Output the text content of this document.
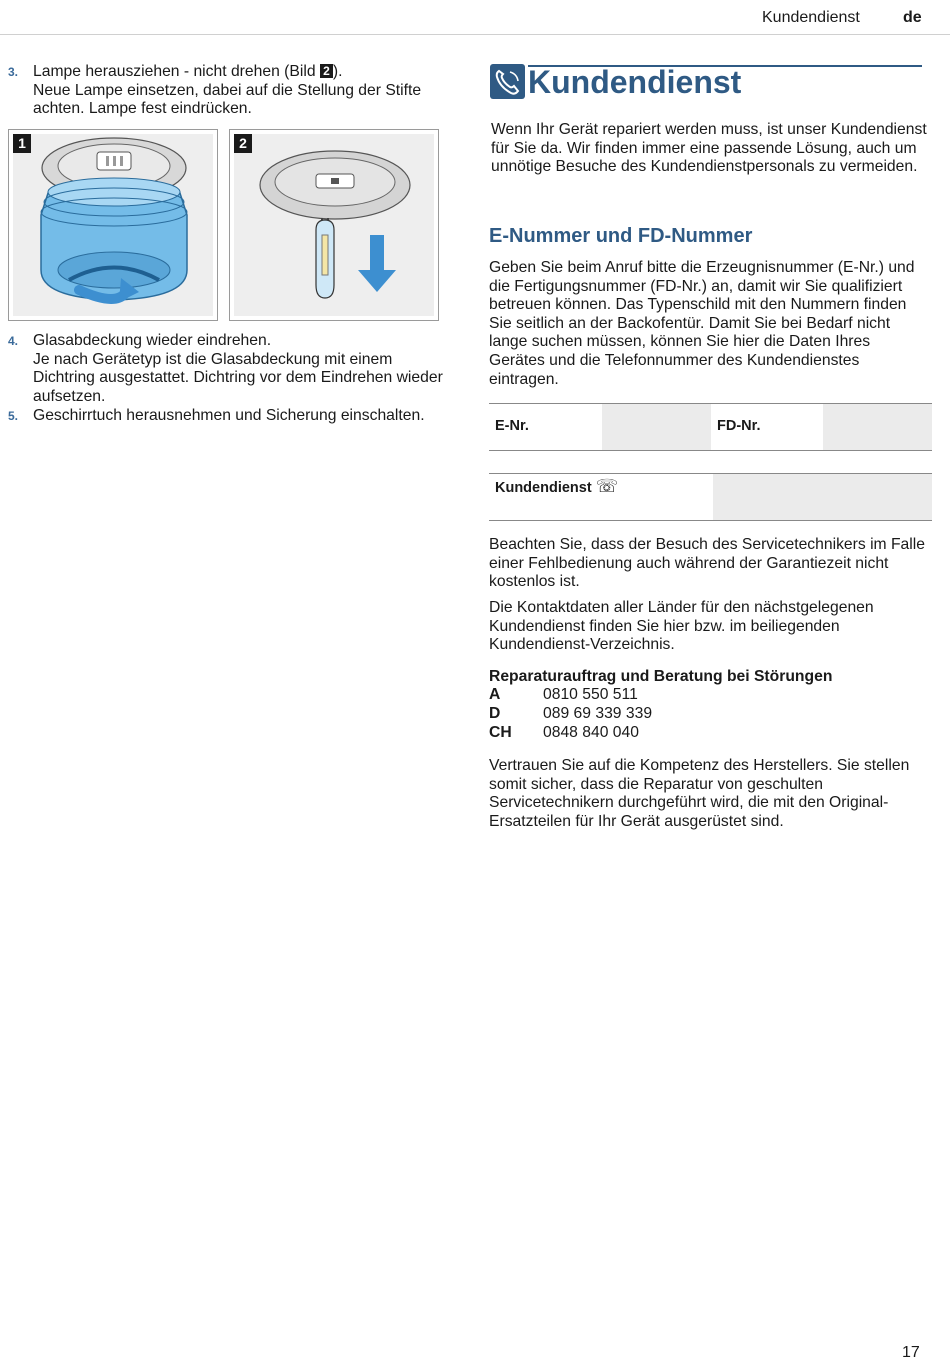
Kundendienst	de
3. Lampe herausziehen - nicht drehen (Bild 2 ).
Neue Lampe einsetzen, dabei auf die Stellung der Stifte achten. Lampe fest eindrücken.
1	2
4. Glasabdeckung wieder eindrehen.
Je nach Gerätetyp ist die Glasabdeckung mit einem Dichtring ausgestattet. Dichtring vor dem Eindrehen wieder aufsetzen.
5. Geschirrtuch herausnehmen und Sicherung einschalten.
Kundendienst
Wenn Ihr Gerät repariert werden muss, ist unser Kundendienst für Sie da. Wir finden immer eine passende Lösung, auch um unnötige Besuche des Kundendienstpersonals zu vermeiden.
E-Nummer und FD-Nummer
Geben Sie beim Anruf bitte die Erzeugnisnummer (E-Nr.) und die Fertigungsnummer (FD-Nr.) an, damit wir Sie qualifiziert betreuen können. Das Typenschild mit den Nummern finden Sie seitlich an der Backofentür. Damit Sie bei Bedarf nicht lange suchen müssen, können Sie hier die Daten Ihres Gerätes und die Telefonnummer des Kundendienstes eintragen.
E-Nr.	FD-Nr.
Kundendienst ☏
Beachten Sie, dass der Besuch des Servicetechnikers im Falle einer Fehlbedienung auch während der Garantiezeit nicht kostenlos ist.
Die Kontaktdaten aller Länder für den nächstgelegenen Kundendienst finden Sie hier bzw. im beiliegenden Kundendienst-Verzeichnis.
Reparaturauftrag und Beratung bei Störungen
A	0810 550 511
D	089 69 339 339
CH 0848 840 040
Vertrauen Sie auf die Kompetenz des Herstellers. Sie stellen somit sicher, dass die Reparatur von geschulten Servicetechnikern durchgeführt wird, die mit den Original-Ersatzteilen für Ihr Gerät ausgerüstet sind.
17
